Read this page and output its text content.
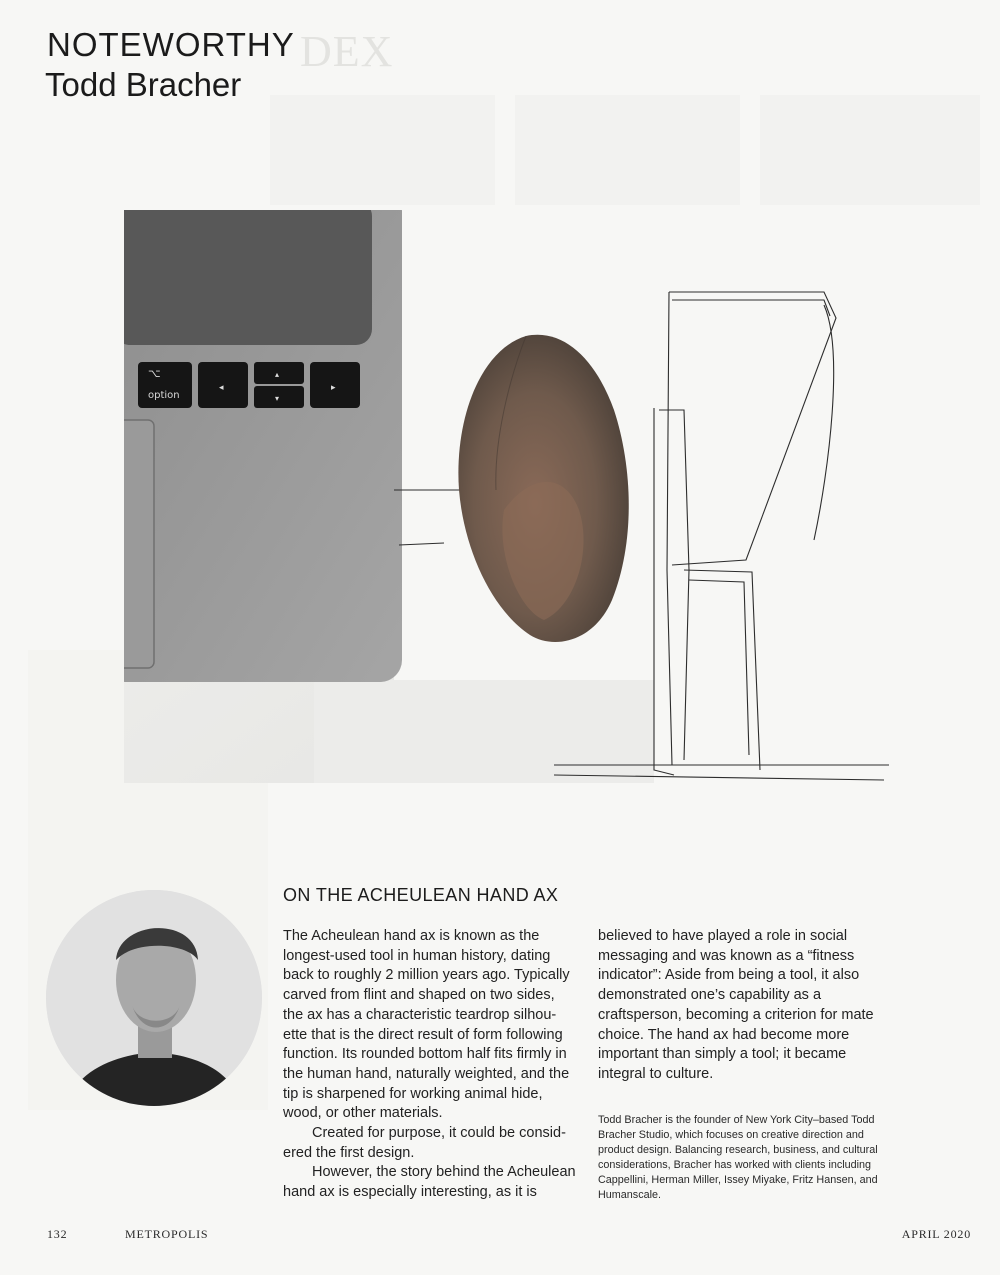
DEX
NOTEWORTHY
Todd Bracher
⌥
option
◂
▴
▾
▸
ON THE ACHEULEAN HAND AX

The Acheulean hand ax is known as the longest-used tool in human history, dating back to roughly 2 million years ago. Typically carved from flint and shaped on two sides, the ax has a characteristic teardrop silhou-ette that is the direct result of form following function. Its rounded bottom half fits firmly in the human hand, naturally weighted, and the tip is sharpened for working animal hide, wood, or other materials.

Created for purpose, it could be consid-ered the first design.

However, the story behind the Acheulean hand ax is especially interesting, as it is

believed to have played a role in social messaging and was known as a “fitness indicator”: Aside from being a tool, it also demonstrated one’s capability as a craftsperson, becoming a criterion for mate choice. The hand ax had become more important than simply a tool; it became integral to culture.

Todd Bracher is the founder of New York City–based Todd Bracher Studio, which focuses on creative direction and product design. Balancing research, business, and cultural considerations, Bracher has worked with clients including Cappellini, Herman Miller, Issey Miyake, Fritz Hansen, and Humanscale.
132	METROPOLIS	APRIL 2020
